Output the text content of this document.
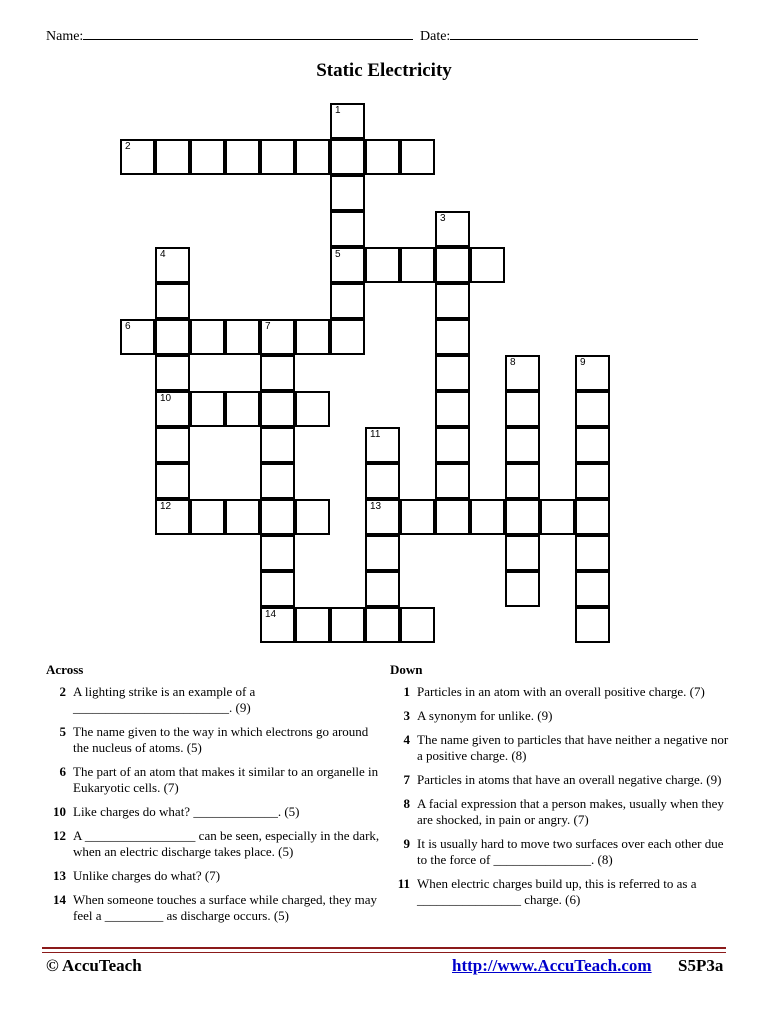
Name:	Date:
Static Electricity
1
2
3
4	5
6	7
8	9
10
11
12	13
14
Across
2 A lighting strike is an example of a ________________________. (9)
5 The name given to the way in which electrons go around the nucleus of atoms. (5)
6 The part of an atom that makes it similar to an organelle in Eukaryotic cells. (7)
10 Like charges do what? _____________. (5)
12 A _________________ can be seen, especially in the dark, when an electric discharge takes place. (5)
13 Unlike charges do what? (7)
14 When someone touches a surface while charged, they may feel a _________ as discharge occurs. (5)
Down
1 Particles in an atom with an overall positive charge. (7)
3 A synonym for unlike. (9)
4 The name given to particles that have neither a negative nor a positive charge. (8)
7 Particles in atoms that have an overall negative charge. (9)
8 A facial expression that a person makes, usually when they are shocked, in pain or angry. (7)
9 It is usually hard to move two surfaces over each other due to the force of _______________. (8)
11 When electric charges build up, this is referred to as a ________________ charge. (6)
© AccuTeach	http://www.AccuTeach.com S5P3a
